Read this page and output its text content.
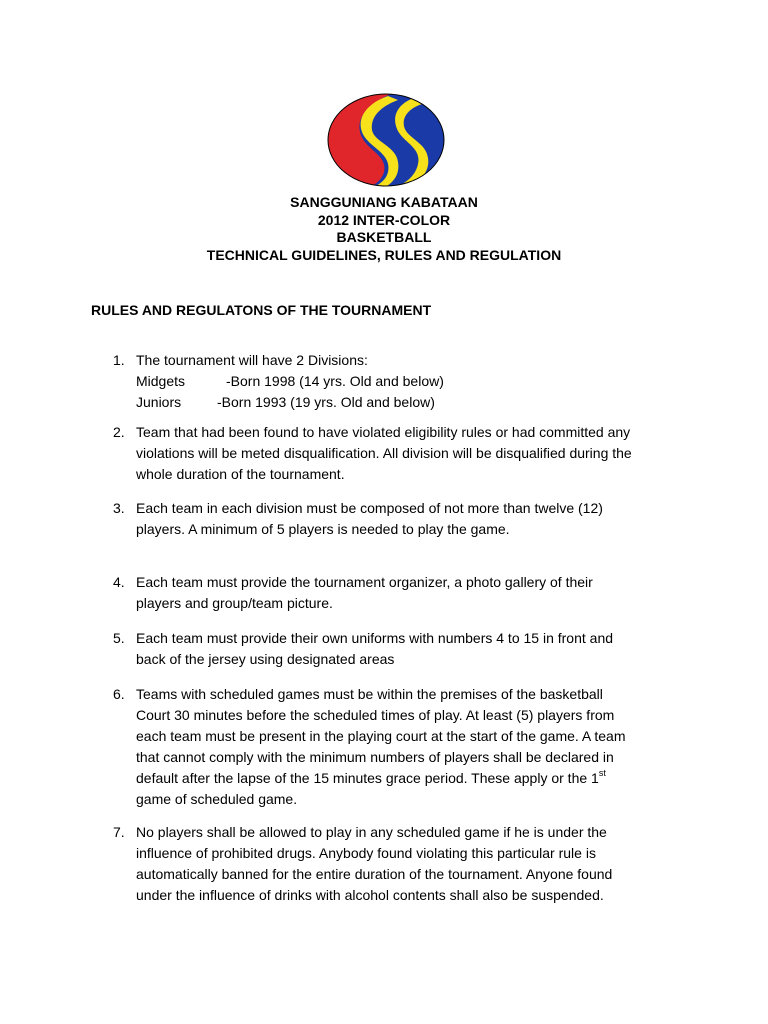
SANGGUNIANG KABATAAN
2012 INTER-COLOR
BASKETBALL
TECHNICAL GUIDELINES, RULES AND REGULATION
RULES AND REGULATONS OF THE TOURNAMENT
1. The tournament will have 2 Divisions:
Midgets	-Born 1998 (14 yrs. Old and below)
Juniors	-Born 1993 (19 yrs. Old and below)
2. Team that had been found to have violated eligibility rules or had committed any
violations will be meted disqualification. All division will be disqualified during the
whole duration of the tournament.
3. Each team in each division must be composed of not more than twelve (12)
players. A minimum of 5 players is needed to play the game.
4. Each team must provide the tournament organizer, a photo gallery of their
players and group/team picture.
5. Each team must provide their own uniforms with numbers 4 to 15 in front and
back of the jersey using designated areas
6. Teams with scheduled games must be within the premises of the basketball
Court 30 minutes before the scheduled times of play. At least (5) players from
each team must be present in the playing court at the start of the game. A team
that cannot comply with the minimum numbers of players shall be declared in
default after the lapse of the 15 minutes grace period. These apply or the 1st
game of scheduled game.
7. No players shall be allowed to play in any scheduled game if he is under the
influence of prohibited drugs. Anybody found violating this particular rule is
automatically banned for the entire duration of the tournament. Anyone found
under the influence of drinks with alcohol contents shall also be suspended.
